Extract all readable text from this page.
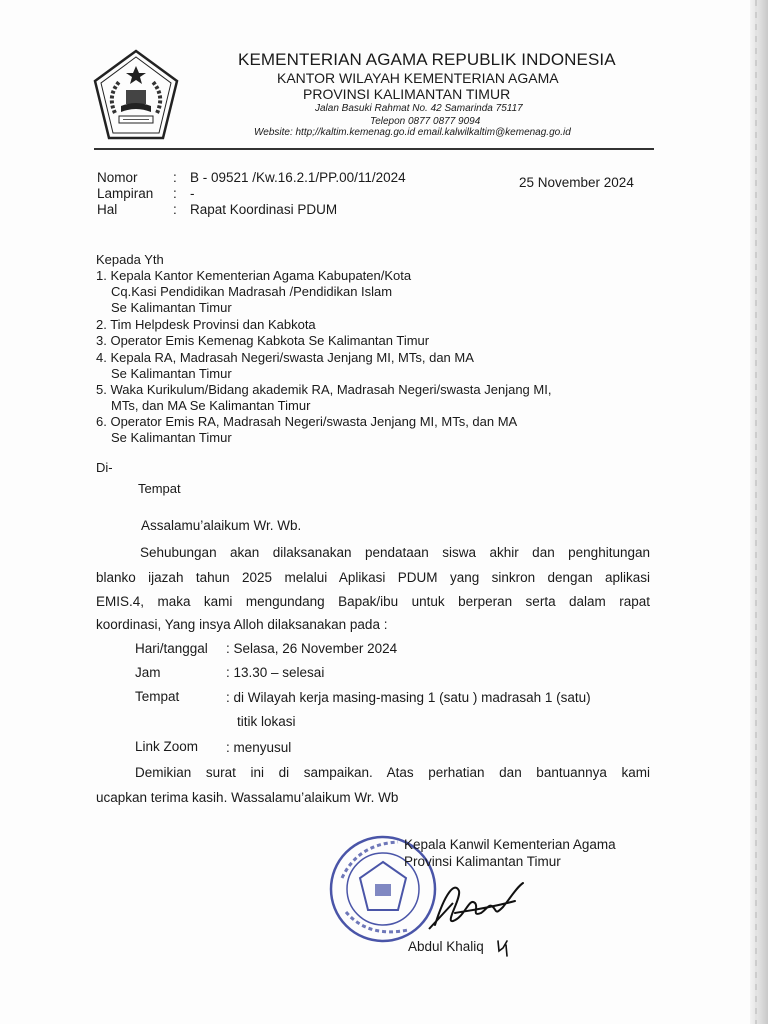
KEMENTERIAN AGAMA REPUBLIK INDONESIA
KANTOR WILAYAH KEMENTERIAN AGAMA
PROVINSI KALIMANTAN TIMUR
Jalan Basuki Rahmat No. 42 Samarinda 75117
Telepon 0877 0877 9094
Website: http;//kaltim.kemenag.go.id email.kalwilkaltim@kemenag.go.id
Nomor	: B - 09521 /Kw.16.2.1/PP.00/11/2024	25 November 2024
Lampiran : -
Hal	: Rapat Koordinasi PDUM
Kepada Yth
1. Kepala Kantor Kementerian Agama Kabupaten/Kota
Cq.Kasi Pendidikan Madrasah /Pendidikan Islam
Se Kalimantan Timur
2. Tim Helpdesk Provinsi dan Kabkota
3. Operator Emis Kemenag Kabkota Se Kalimantan Timur
4. Kepala RA, Madrasah Negeri/swasta Jenjang MI, MTs, dan MA
Se Kalimantan Timur
5. Waka Kurikulum/Bidang akademik RA, Madrasah Negeri/swasta Jenjang MI,
MTs, dan MA Se Kalimantan Timur
6. Operator Emis RA, Madrasah Negeri/swasta Jenjang MI, MTs, dan MA
Se Kalimantan Timur
Di-
Tempat
Assalamu’alaikum Wr. Wb.
Sehubungan akan dilaksanakan pendataan siswa akhir dan penghitungan
blanko ijazah tahun 2025 melalui Aplikasi PDUM yang sinkron dengan aplikasi
EMIS.4, maka kami mengundang Bapak/ibu untuk berperan serta dalam rapat
koordinasi, Yang insya Alloh dilaksanakan pada :
Hari/tanggal : Selasa, 26 November 2024
Jam	: 13.30 – selesai
Tempat	: di Wilayah kerja masing-masing 1 (satu ) madrasah 1 (satu)
titik lokasi
Link Zoom : menyusul
Demikian surat ini di sampaikan. Atas perhatian dan bantuannya kami
ucapkan terima kasih. Wassalamu’alaikum Wr. Wb
Kepala Kanwil Kementerian Agama
Provinsi Kalimantan Timur
Abdul Khaliq
